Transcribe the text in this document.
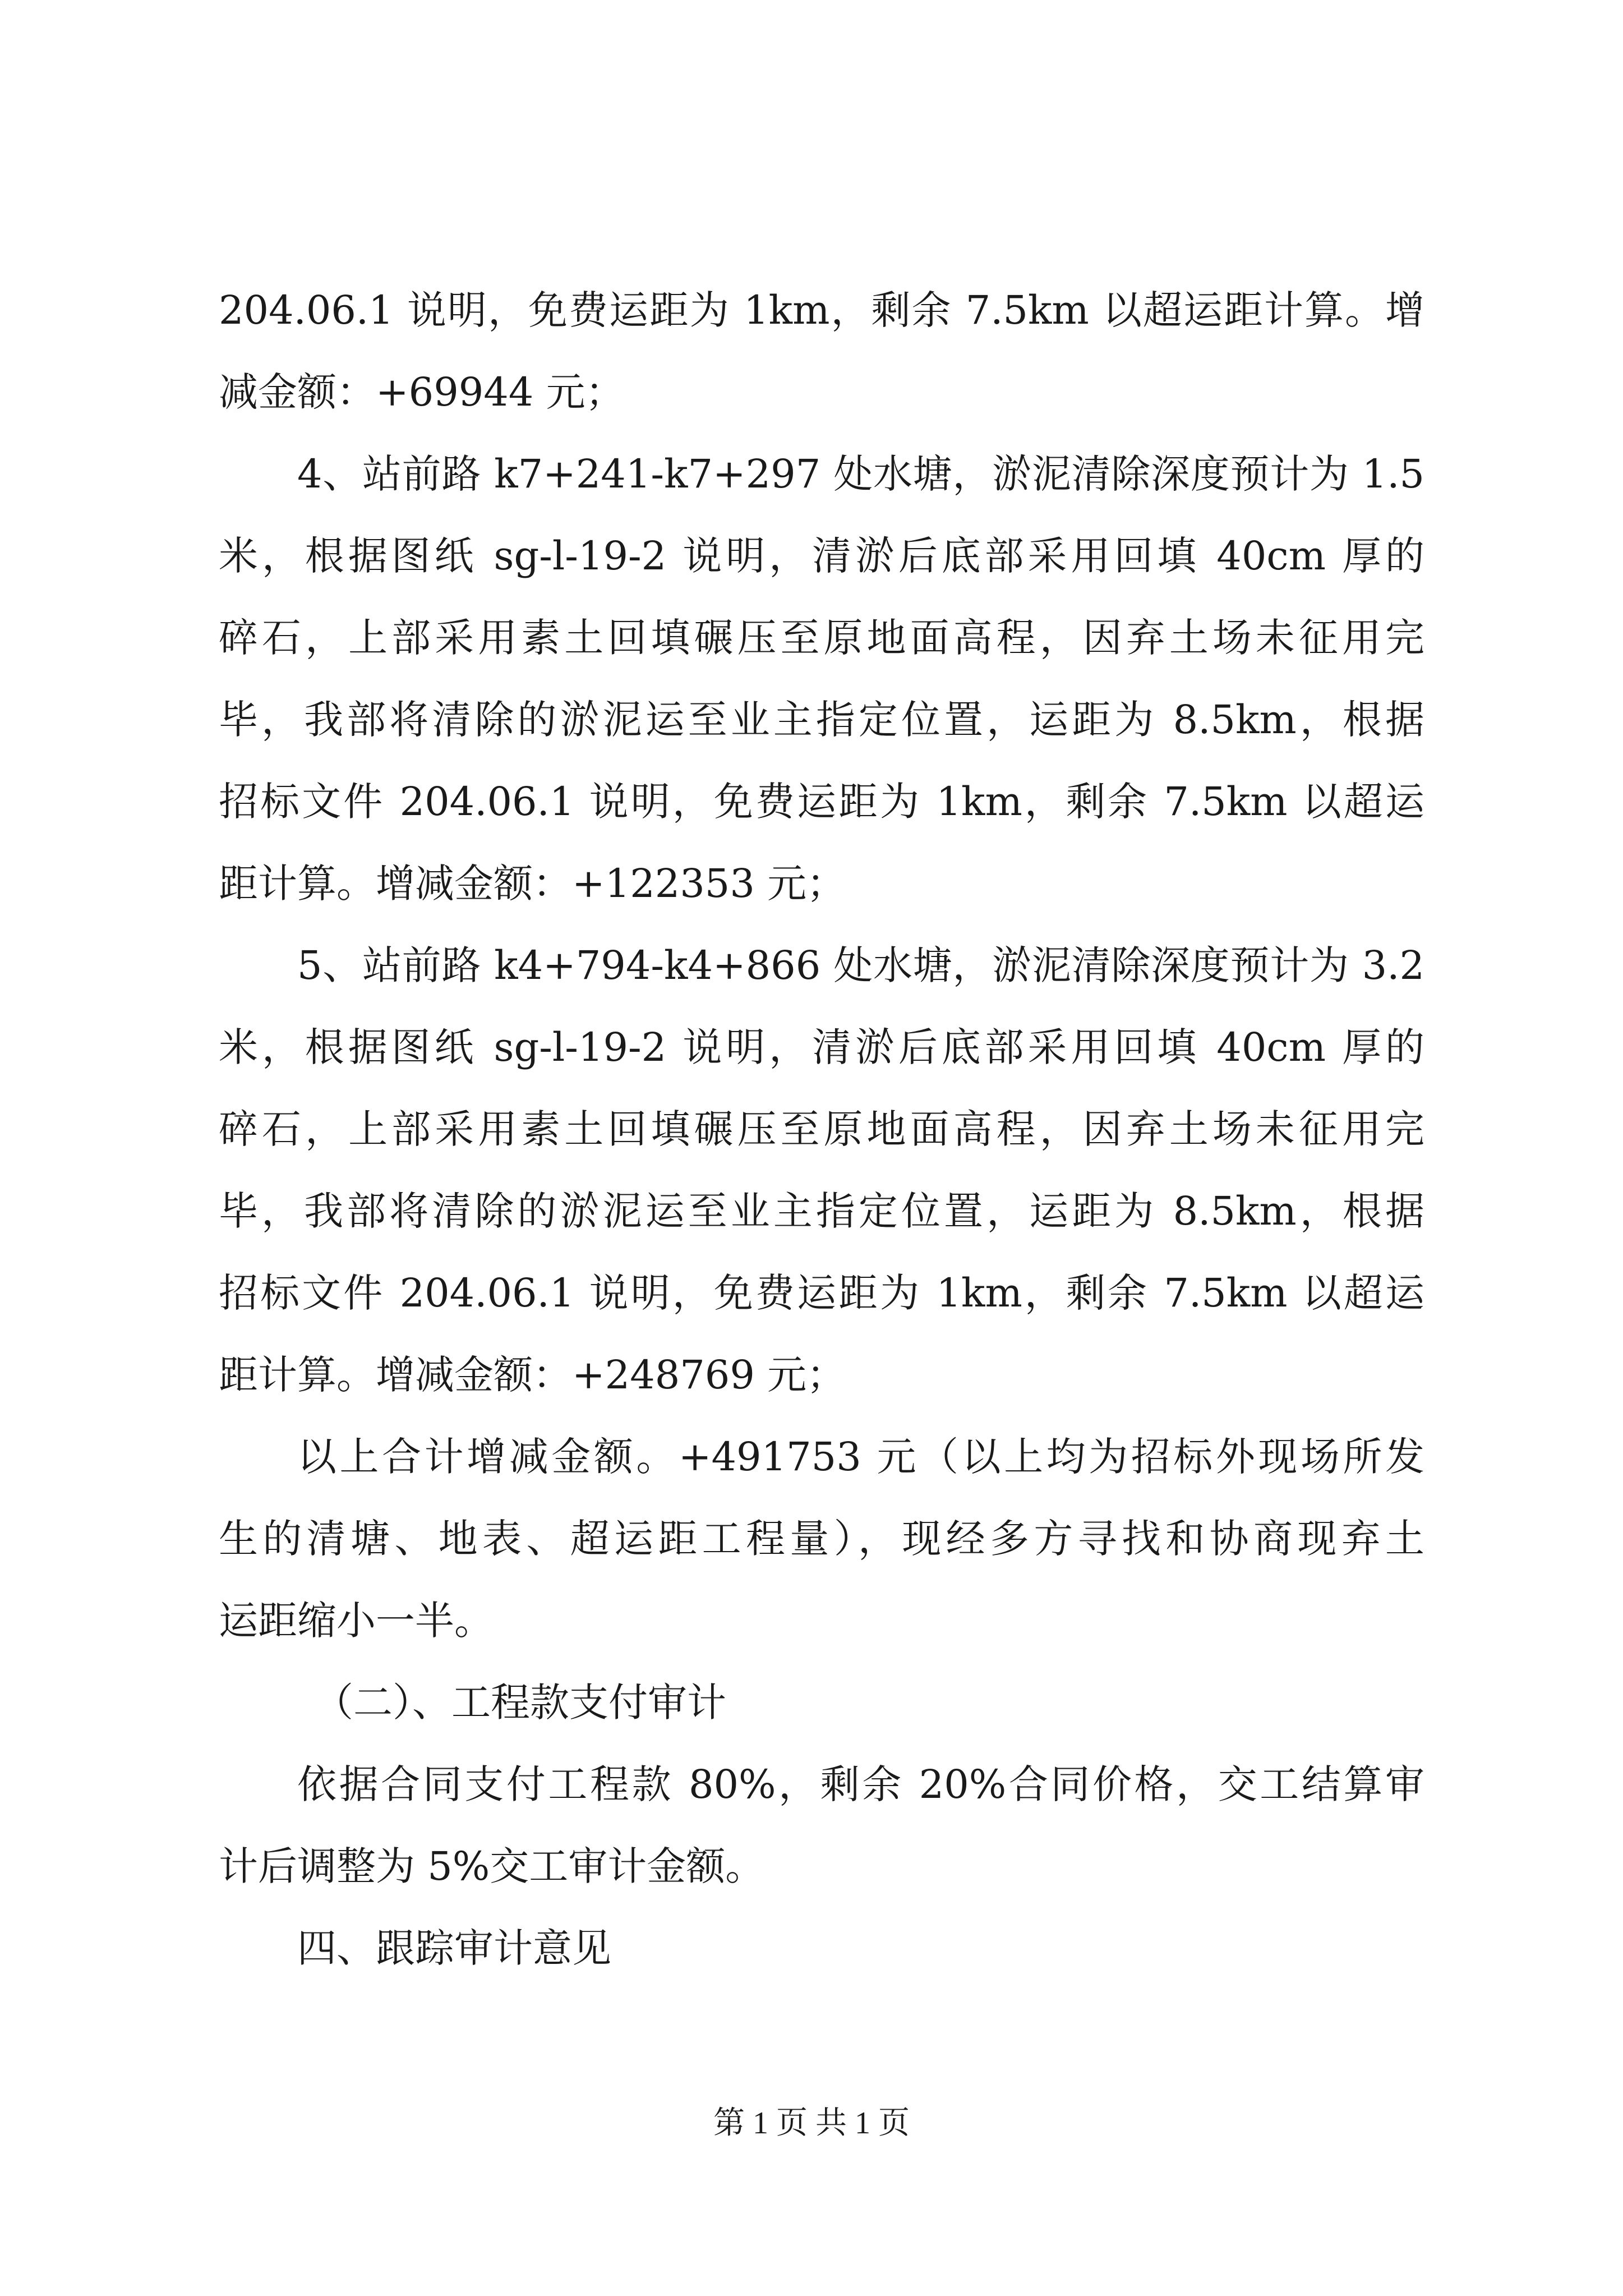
204.06.1 说明，免费运距为 1km，剩余 7.5km 以超运距计算。增
减金额：+69944 元；
4、站前路 k7+241-k7+297 处水塘，淤泥清除深度预计为 1.5
米，根据图纸 sg-l-19-2 说明，清淤后底部采用回填 40cm 厚的
碎石，上部采用素土回填碾压至原地面高程，因弃土场未征用完
毕，我部将清除的淤泥运至业主指定位置，运距为 8.5km，根据
招标文件 204.06.1 说明，免费运距为 1km，剩余 7.5km 以超运
距计算。增减金额：+122353 元；
5、站前路 k4+794-k4+866 处水塘，淤泥清除深度预计为 3.2
米，根据图纸 sg-l-19-2 说明，清淤后底部采用回填 40cm 厚的
碎石，上部采用素土回填碾压至原地面高程，因弃土场未征用完
毕，我部将清除的淤泥运至业主指定位置，运距为 8.5km，根据
招标文件 204.06.1 说明，免费运距为 1km，剩余 7.5km 以超运
距计算。增减金额：+248769 元；
以上合计增减金额。+491753 元（以上均为招标外现场所发
生的清塘、地表、超运距工程量），现经多方寻找和协商现弃土
运距缩小一半。
（二）、工程款支付审计
依据合同支付工程款 80%，剩余 20%合同价格，交工结算审
计后调整为 5%交工审计金额。
四、跟踪审计意见
第 1 页 共 1 页
